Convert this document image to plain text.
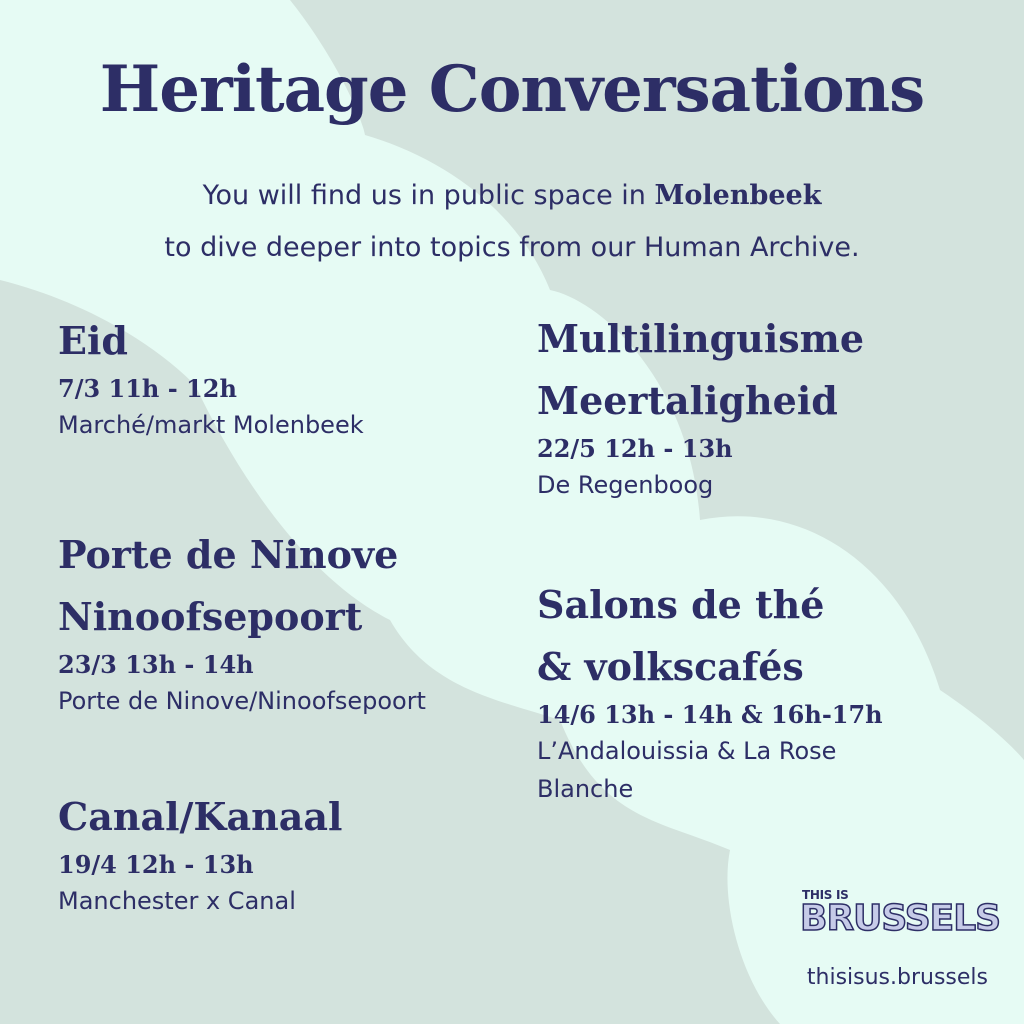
Heritage Conversations
You will find us in public space in Molenbeek
to dive deeper into topics from our Human Archive.
Eid
7/3 11h - 12h
Marché/markt Molenbeek
Multilinguisme
Meertaligheid
22/5 12h - 13h
De Regenboog
Porte de Ninove
Ninoofsepoort
23/3 13h - 14h
Porte de Ninove/Ninoofsepoort
Salons de thé
& volkscafés
14/6 13h - 14h & 16h-17h
L’Andalouissia & La Rose Blanche
Canal/Kanaal
19/4 12h - 13h
Manchester x Canal	THIS IS
BRUSSELS
thisisus.brussels
